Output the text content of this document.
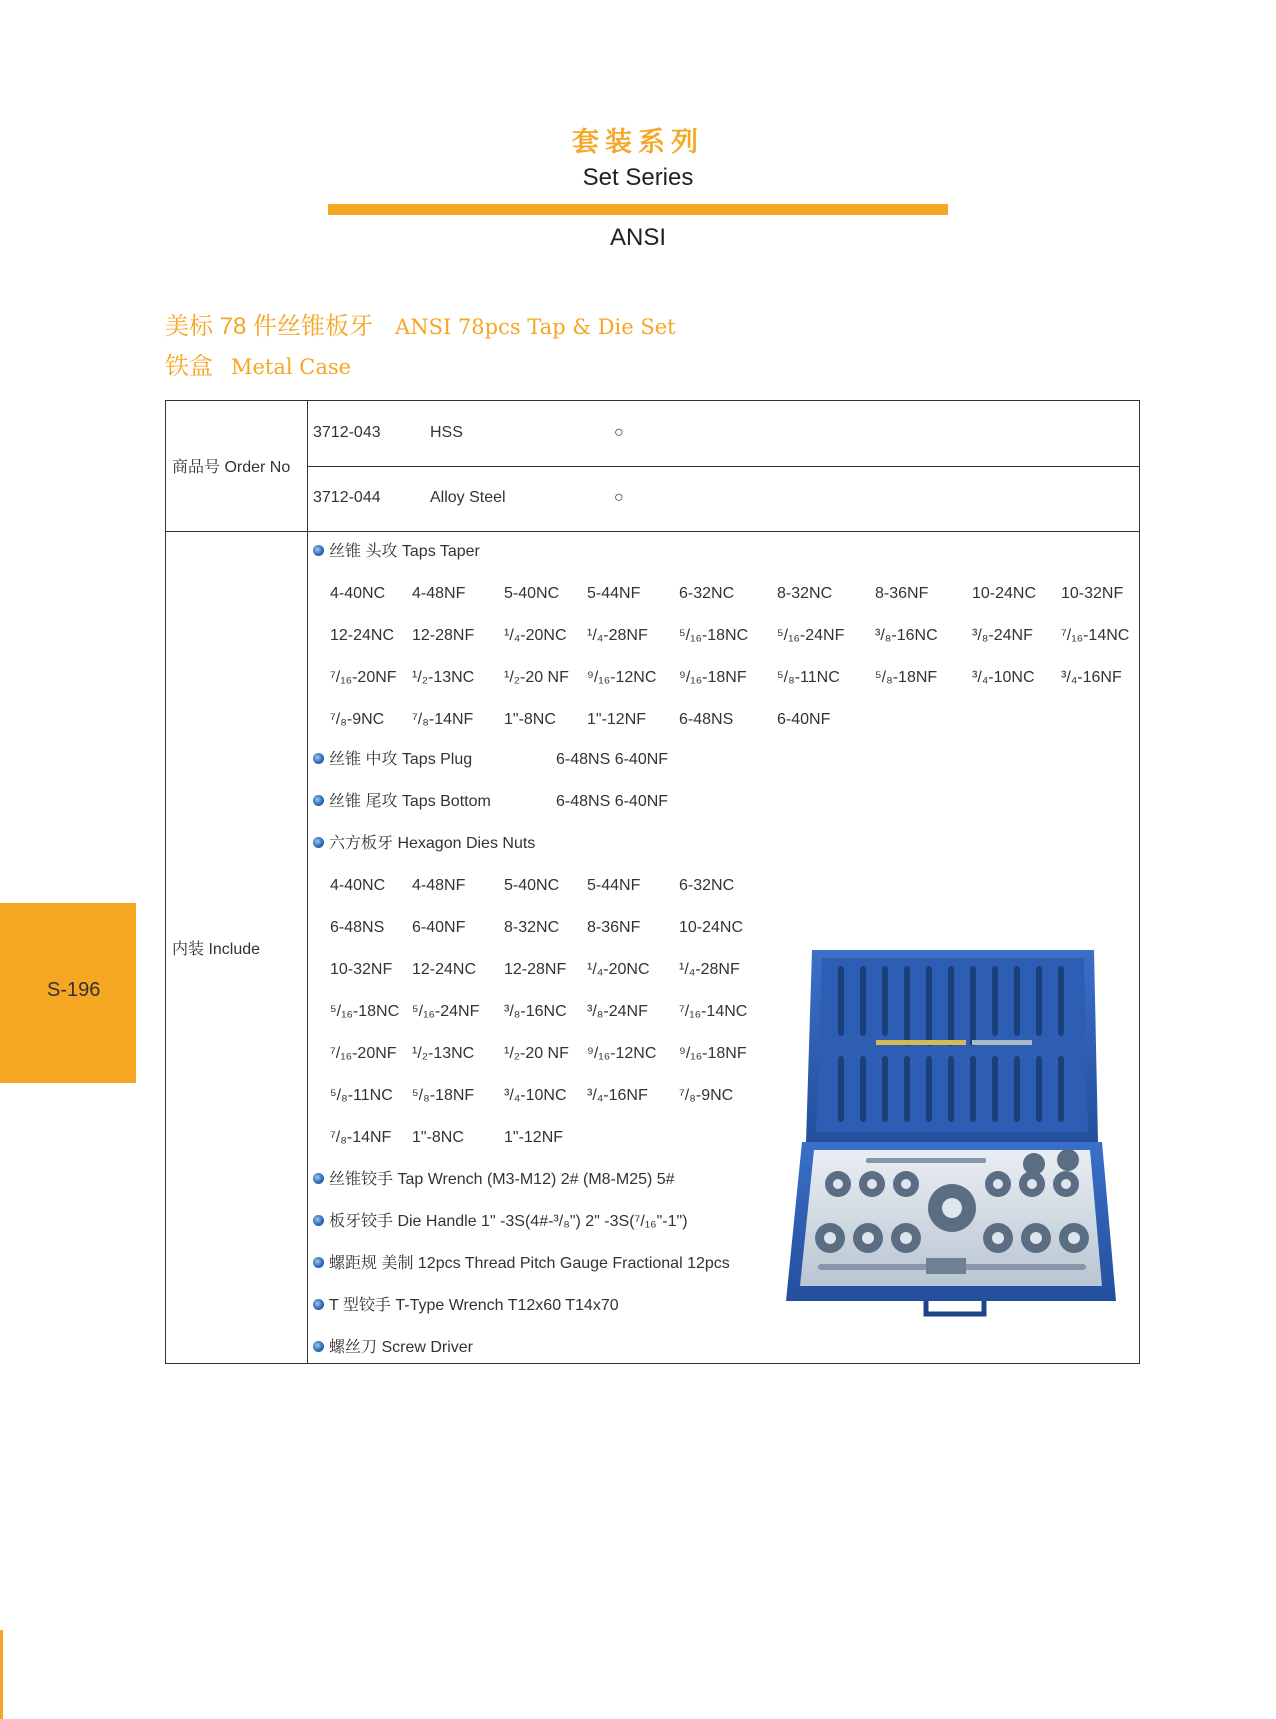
套装系列
Set Series
ANSI
美标 78 件丝锥板牙 ANSI 78pcs Tap & Die Set
铁盒 Metal Case
商品号 Order No
内装 Include
3712-043	HSS	○
3712-044	Alloy Steel	○
丝锥 头攻 Taps Taper
4-40NC 4-48NF 5-40NC 5-44NF 6-32NC	8-32NC	8-36NF	10-24NC 10-32NF
12-24NC 12-28NF ¹/₄-20NC ¹/₄-28NF ⁵/₁₆-18NC ⁵/₁₆-24NF ³/₈-16NC ³/₈-24NF ⁷/₁₆-14NC
⁷/₁₆-20NF ¹/₂-13NC ¹/₂-20 NF ⁹/₁₆-12NC ⁹/₁₆-18NF ⁵/₈-11NC ⁵/₈-18NF ³/₄-10NC ³/₄-16NF
⁷/₈-9NC ⁷/₈-14NF 1"-8NC 1"-12NF 6-48NS	6-40NF
丝锥 中攻 Taps Plug	6-48NS 6-40NF
丝锥 尾攻 Taps Bottom	6-48NS 6-40NF
六方板牙 Hexagon Dies Nuts
4-40NC 4-48NF 5-40NC 5-44NF 6-32NC
6-48NS 6-40NF 8-32NC 8-36NF 10-24NC
10-32NF 12-24NC 12-28NF ¹/₄-20NC ¹/₄-28NF
⁵/₁₆-18NC ⁵/₁₆-24NF ³/₈-16NC ³/₈-24NF ⁷/₁₆-14NC
⁷/₁₆-20NF ¹/₂-13NC ¹/₂-20 NF ⁹/₁₆-12NC ⁹/₁₆-18NF
⁵/₈-11NC ⁵/₈-18NF ³/₄-10NC ³/₄-16NF ⁷/₈-9NC
⁷/₈-14NF 1"-8NC	1"-12NF
丝锥铰手 Tap Wrench (M3-M12) 2# (M8-M25) 5#
板牙铰手 Die Handle 1" -3S(4#-³/₈") 2" -3S(⁷/₁₆"-1")
螺距规 美制 12pcs Thread Pitch Gauge Fractional 12pcs
T 型铰手 T-Type Wrench T12x60 T14x70
螺丝刀 Screw Driver
S-196
